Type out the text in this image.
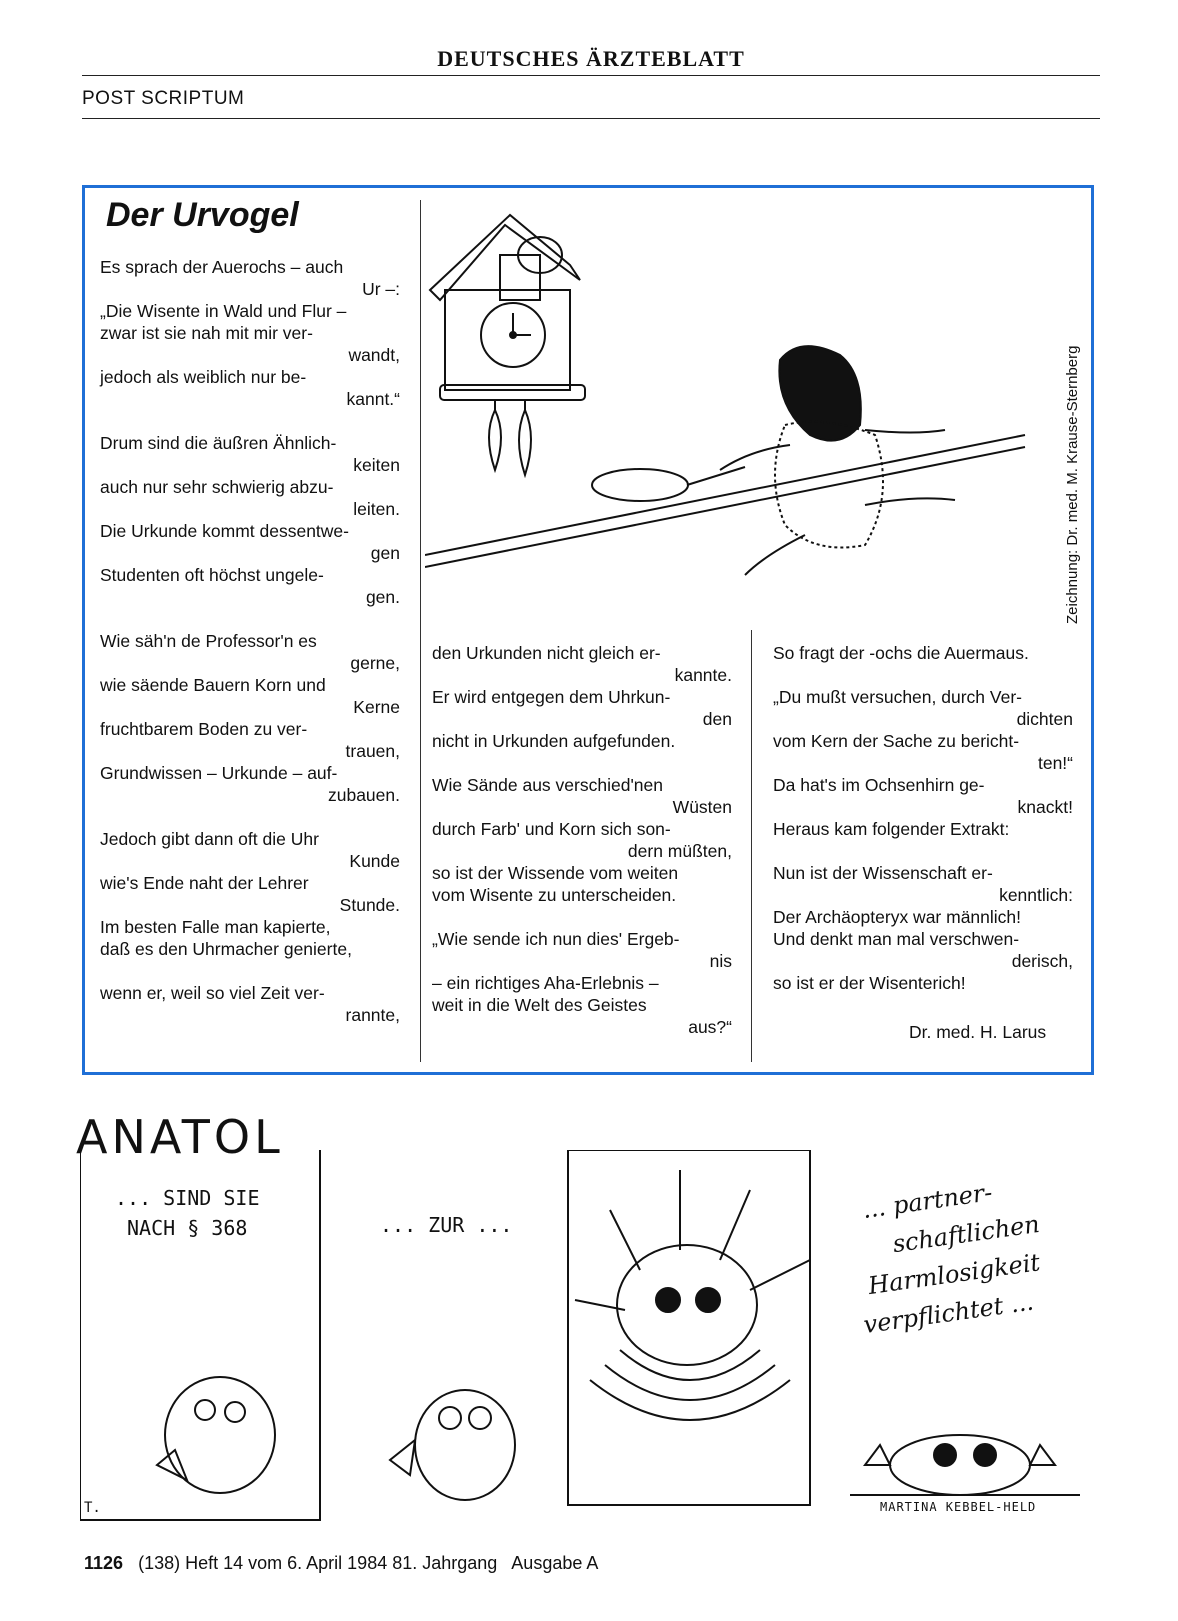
DEUTSCHES ÄRZTEBLATT
POST SCRIPTUM
Der Urvogel
Es sprach der Auerochs – auch
Ur –:
„Die Wisente in Wald und Flur –
zwar ist sie nah mit mir ver-
wandt,
jedoch als weiblich nur be-
kannt.“
Drum sind die äußren Ähnlich-
keiten
auch nur sehr schwierig abzu-
leiten.
Die Urkunde kommt dessentwe-
gen
Studenten oft höchst ungele-
gen.
Wie säh'n de Professor'n es
gerne,
wie säende Bauern Korn und
Kerne
fruchtbarem Boden zu ver-
trauen,
Grundwissen – Urkunde – auf-
zubauen.
Jedoch gibt dann oft die Uhr
Kunde
wie's Ende naht der Lehrer
Stunde.
Im besten Falle man kapierte,
daß es den Uhrmacher genierte,
wenn er, weil so viel Zeit ver-
rannte,
Zeichnung: Dr. med. M. Krause-Sternberg
den Urkunden nicht gleich er-
kannte.
Er wird entgegen dem Uhrkun-
den
nicht in Urkunden aufgefunden.
Wie Sände aus verschied'nen
Wüsten
durch Farb' und Korn sich son-
dern müßten,
so ist der Wissende vom weiten
vom Wisente zu unterscheiden.
„Wie sende ich nun dies' Ergeb-
nis
– ein richtiges Aha-Erlebnis –
weit in die Welt des Geistes
aus?“
So fragt der -ochs die Auermaus.
„Du mußt versuchen, durch Ver-
dichten
vom Kern der Sache zu bericht-
ten!“
Da hat's im Ochsenhirn ge-
knackt!
Heraus kam folgender Extrakt:
Nun ist der Wissenschaft er-
kenntlich:
Der Archäopteryx war männlich!
Und denkt man mal verschwen-
derisch,
so ist er der Wisenterich!
Dr. med. H. Larus
ANATOL
... SIND SIE
NACH § 368	... ZUR ...
... partner-
schaftlichen
Harmlosigkeit
verpflichtet ...
T.	MARTINA KEBBEL-HELD
1126 (138) Heft 14 vom 6. April 1984 81. Jahrgang   Ausgabe A
